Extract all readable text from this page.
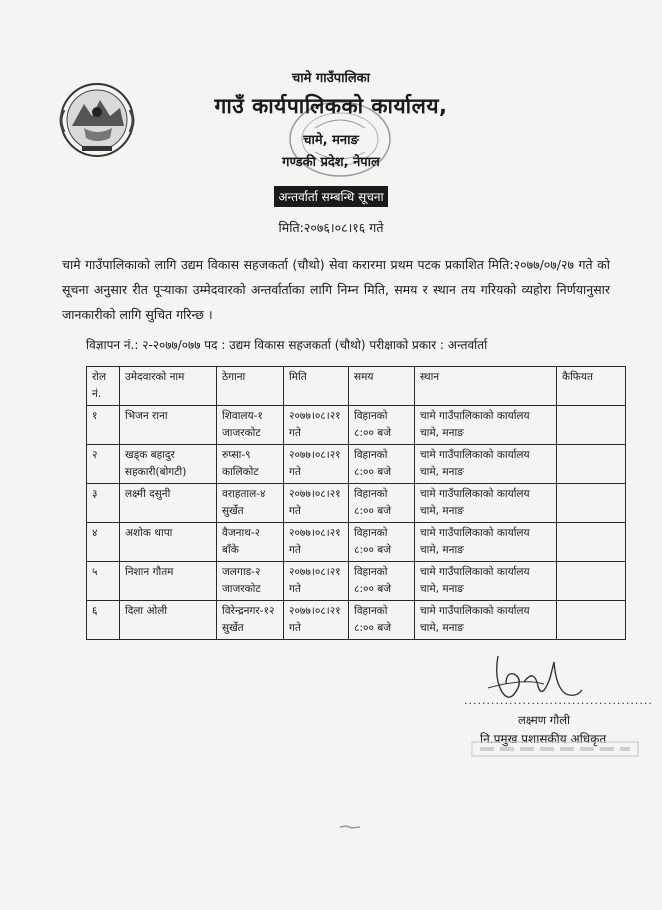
चामे गाउँपालिका
गाउँ कार्यपालिकको कार्यालय,
चामे, मनाङ
गण्डकी प्रदेश, नेपाल
अन्तर्वार्ता सम्बन्धि सूचना
मिति:२०७६।०८।१६ गते
चामे गाउँपालिकाको लागि उद्यम विकास सहजकर्ता (चौथो) सेवा करारमा प्रथम पटक प्रकाशित मिति:२०७७/०७/२७ गते को सूचना अनुसार रीत पूर्‍याका उम्मेदवारको अन्तर्वार्ताका लागि निम्न मिति, समय र स्थान तय गरियको व्यहोरा निर्णयानुसार जानकारीको लागि सुचित गरिन्छ ।
विज्ञापन नं.: २-२०७७/०७७ पद : उद्यम विकास सहजकर्ता (चौथो) परीक्षाको प्रकार : अन्तर्वार्ता
रोल नं.	उमेदवारको नाम	ठेगाना	मिति	समय	स्थान	कैफियत
१	भिजन राना	शिवालय-१ जाजरकोट	२०७७।०८।२१ गते	विहानको ८:०० बजे	चामे गाउँपालिकाको कार्यालय चामे, मनाङ	
२	खड्क बहादुर सहकारी(बोगटी)	रुप्सा-९ कालिकोट	२०७७।०८।२१ गते	विहानको ८:०० बजे	चामे गाउँपालिकाको कार्यालय चामे, मनाङ	
३	लक्ष्मी दसुनी	वराहताल-४ सुर्खेत	२०७७।०८।२१ गते	विहानको ८:०० बजे	चामे गाउँपालिकाको कार्यालय चामे, मनाङ	
४	अशोक थापा	वैजनाथ-२ बाँके	२०७७।०८।२१ गते	विहानको ८:०० बजे	चामे गाउँपालिकाको कार्यालय चामे, मनाङ	
५	निशान गौतम	जलगाड-२ जाजरकोट	२०७७।०८।२१ गते	विहानको ८:०० बजे	चामे गाउँपालिकाको कार्यालय चामे, मनाङ	
६	दिला ओली	विरेन्द्रनगर-१२ सुर्खेत	२०७७।०८।२१ गते	विहानको ८:०० बजे	चामे गाउँपालिकाको कार्यालय चामे, मनाङ	
..........................................
लक्ष्मण गौली
नि.प्रमुख प्रशासकीय अधिकृत
